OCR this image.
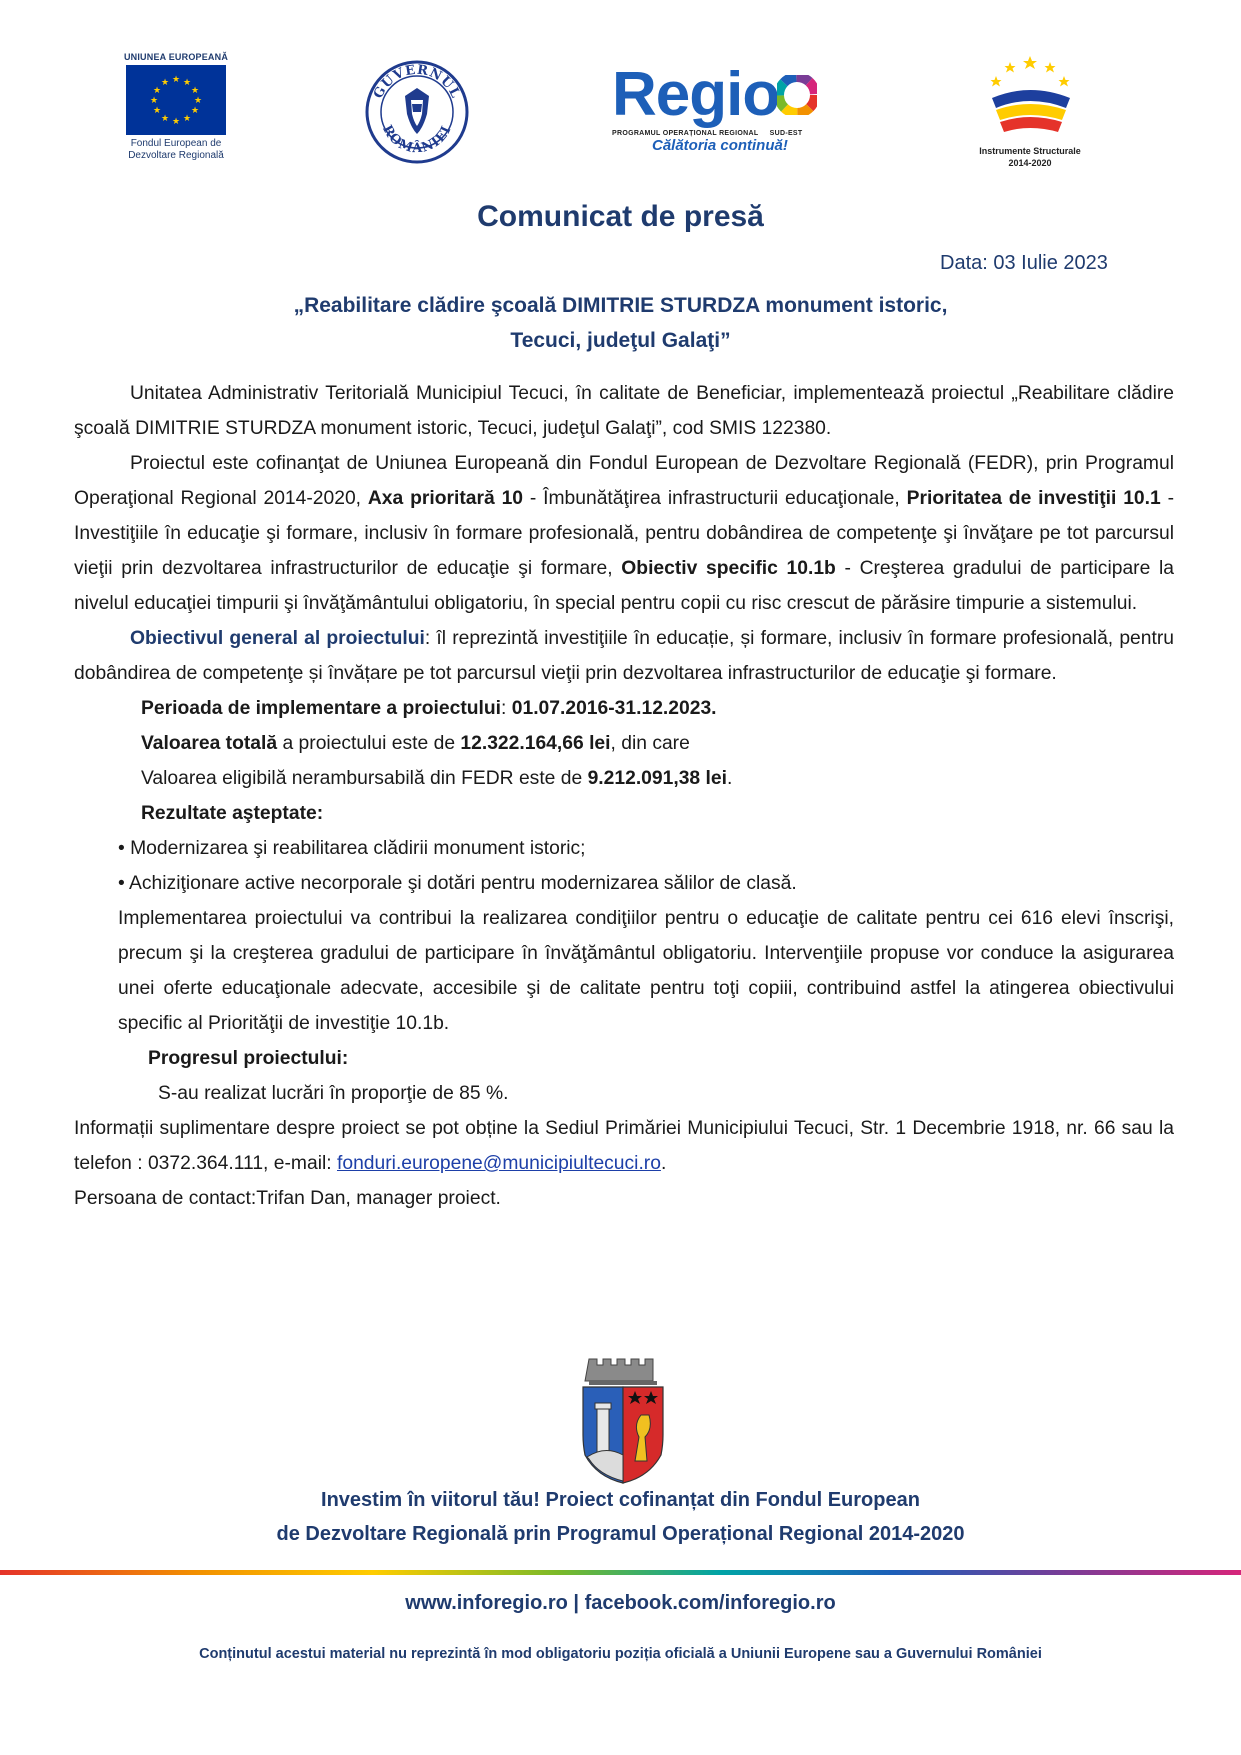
UNIUNEA EUROPEANĂ
★ ★
★
★
★
★
★
★
★
★
★
★
Fondul European de
Dezvoltare Regională
GUVERNUL
ROMÂNIEI
Regio
PROGRAMUL OPERAȚIONAL REGIONAL SUD-EST
Călătoria continuă!	Instrumente Structurale
2014-2020
Comunicat de presă
Data: 03 Iulie 2023
„Reabilitare clădire şcoală DIMITRIE STURDZA monument istoric,
Tecuci, judeţul Galaţi”

Unitatea Administrativ Teritorială Municipiul Tecuci, în calitate de Beneficiar, implementează proiectul „Reabilitare clădire şcoală DIMITRIE STURDZA monument istoric, Tecuci, judeţul Galaţi”, cod SMIS 122380.

Proiectul este cofinanţat de Uniunea Europeană din Fondul European de Dezvoltare Regională (FEDR), prin Programul Operaţional Regional 2014-2020, Axa prioritară 10 - Îmbunătăţirea infrastructurii educaţionale, Prioritatea de investiţii 10.1 - Investiţiile în educaţie şi formare, inclusiv în formare profesională, pentru dobândirea de competenţe şi învăţare pe tot parcursul vieţii prin dezvoltarea infrastructurilor de educaţie şi formare, Obiectiv specific 10.1b - Creşterea gradului de participare la nivelul educaţiei timpurii şi învăţământului obligatoriu, în special pentru copii cu risc crescut de părăsire timpurie a sistemului.

Obiectivul general al proiectului: îl reprezintă investiţiile în educație, și formare, inclusiv în formare profesională, pentru dobândirea de competenţe și învățare pe tot parcursul vieţii prin dezvoltarea infrastructurilor de educaţie şi formare.

Perioada de implementare a proiectului: 01.07.2016-31.12.2023.

Valoarea totală a proiectului este de 12.322.164,66 lei, din care

Valoarea eligibilă nerambursabilă din FEDR este de 9.212.091,38 lei.

Rezultate aşteptate:

• Modernizarea şi reabilitarea clădirii monument istoric;

• Achiziţionare active necorporale şi dotări pentru modernizarea sălilor de clasă.

Implementarea proiectului va contribui la realizarea condiţiilor pentru o educaţie de calitate pentru cei 616 elevi înscrişi, precum şi la creşterea gradului de participare în învăţământul obligatoriu. Intervenţiile propuse vor conduce la asigurarea unei oferte educaţionale adecvate, accesibile şi de calitate pentru toţi copiii, contribuind astfel la atingerea obiectivului specific al Priorităţii de investiţie 10.1b.

Progresul proiectului:

S-au realizat lucrări în proporţie de 85 %.

Informații suplimentare despre proiect se pot obține la Sediul Primăriei Municipiului Tecuci, Str. 1 Decembrie 1918, nr. 66 sau la telefon : 0372.364.111, e-mail: fonduri.europene@municipiultecuci.ro.

Persoana de contact:Trifan Dan, manager proiect.

Investim în viitorul tău! Proiect cofinanțat din Fondul European
de Dezvoltare Regională prin Programul Operațional Regional 2014-2020
www.inforegio.ro | facebook.com/inforegio.ro
Conținutul acestui material nu reprezintă în mod obligatoriu poziția oficială a Uniunii Europene sau a Guvernului României
